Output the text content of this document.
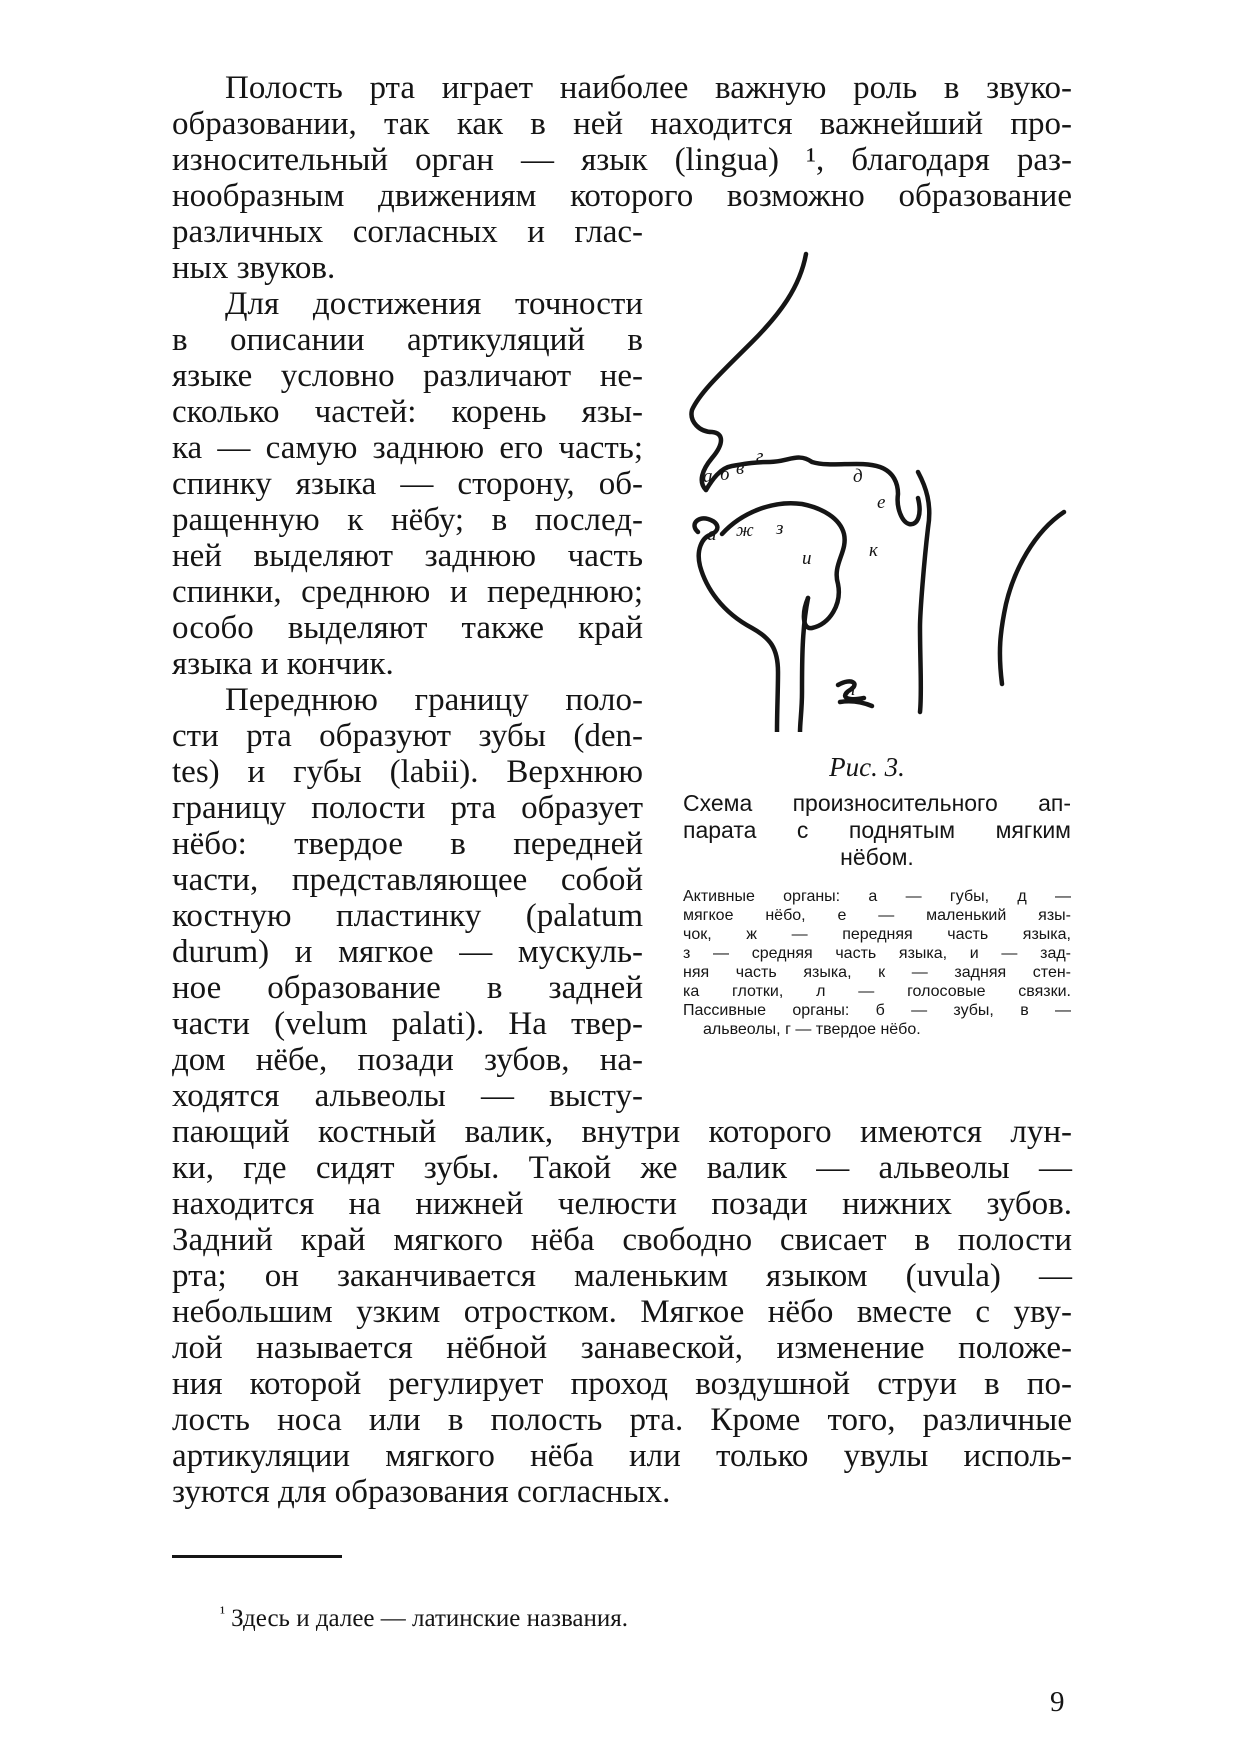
Полость рта играет наиболее важную роль в звуко-

образовании, так как в ней находится важнейший про-

износительный орган — язык (lingua) ¹, благодаря раз-

нообразным движениям которого возможно образование

различных согласных и глас-

ных звуков.

Для достижения точности

в описании артикуляций в

языке условно различают не-

сколько частей: корень язы-

ка — самую заднюю его часть;

спинку языка — сторону, об-

ращенную к нёбу; в послед-

ней выделяют заднюю часть

спинки, среднюю и переднюю;

особо выделяют также край

языка и кончик.

Переднюю границу поло-

сти рта образуют зубы (den-

tes) и губы (labii). Верхнюю

границу полости рта образует

нёбо: твердое в передней

части, представляющее собой

костную пластинку (palatum

durum) и мягкое — мускуль-

ное образование в задней

части (velum palati). На твер-

дом нёбе, позади зубов, на-

ходятся альвеолы — высту-

пающий костный валик, внутри которого имеются лун-

ки, где сидят зубы. Такой же валик — альвеолы —

находится на нижней челюсти позади нижних зубов.

Задний край мягкого нёба свободно свисает в полости

рта; он заканчивается маленьким языком (uvula) —

небольшим узким отростком. Мягкое нёбо вместе с уву-

лой называется нёбной занавеской, изменение положе-

ния которой регулирует проход воздушной струи в по-

лость носа или в полость рта. Кроме того, различные

артикуляции мягкого нёба или только увулы исполь-

зуются для образования согласных.

а б в
г
д
е
а ж з
и	к
л

Рис. 3.

Схема произносительного ап-

парата с поднятым мягким

нёбом.

Активные органы: а — губы, д —

мягкое нёбо, е — маленький язы-

чок, ж — передняя часть языка,

з — средняя часть языка, и — зад-

няя часть языка, к — задняя стен-

ка глотки, л — голосовые связки.

Пассивные органы: б — зубы, в —

альвеолы, г — твердое нёбо.

$^{^1}$ Здесь и далее — латинские названия.

9
